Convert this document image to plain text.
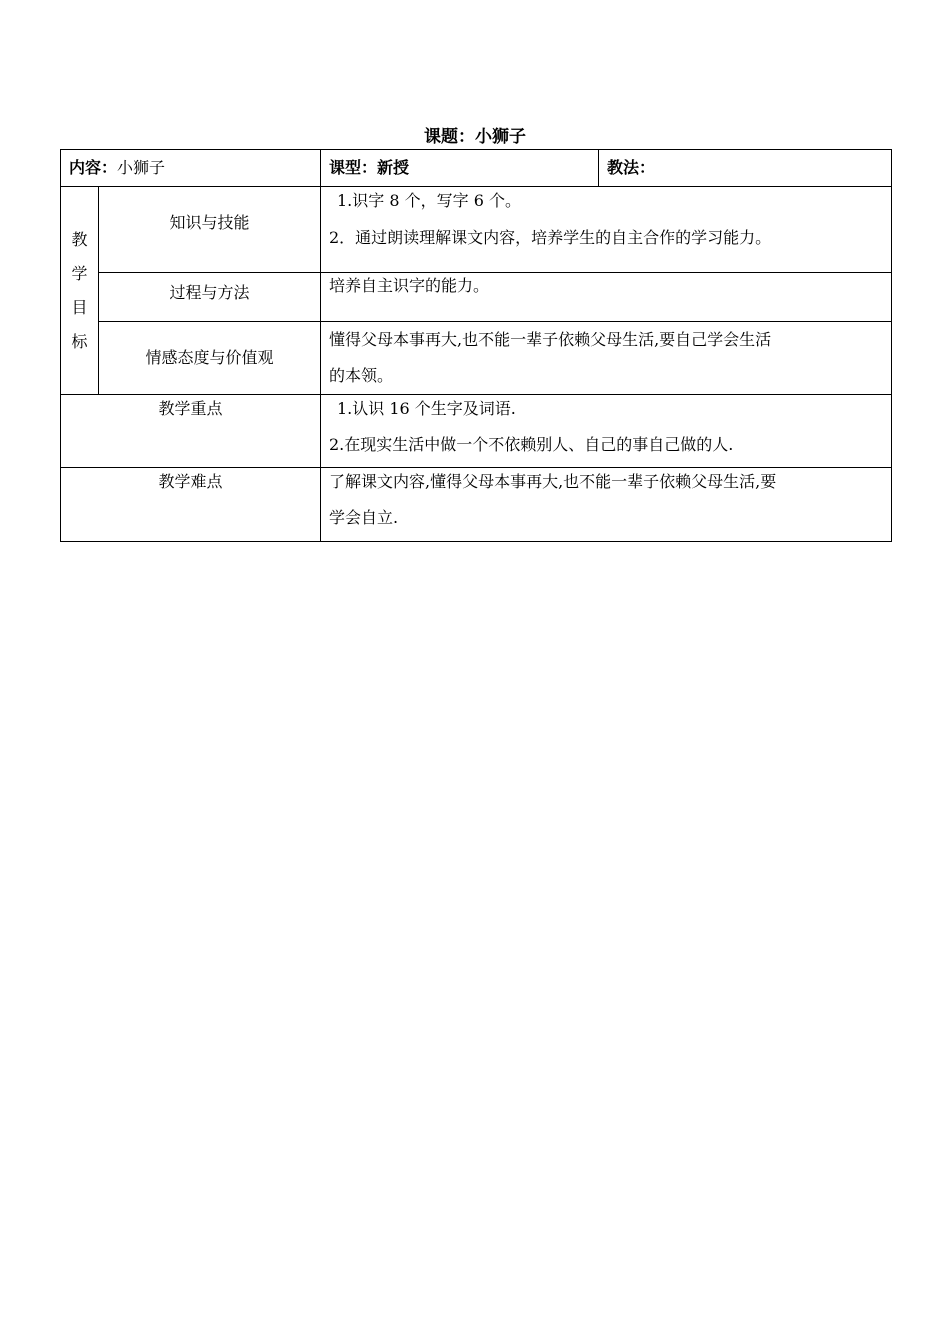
课题：小狮子
内容：小狮子		课型：新授	教法：

教
学
目
标	知识与技能	1.识字 8 个，写字 6 个。
2．通过朗读理解课文内容，培养学生的自主合作的学习能力。	

	过程与方法	培养自主识字的能力。	

	情感态度与价值观	懂得父母本事再大,也不能一辈子依赖父母生活,要自己学会生活
的本领。	

教学重点		1.认识 16 个生字及词语.
2.在现实生活中做一个不依赖别人、自己的事自己做的人.	

教学难点		了解课文内容,懂得父母本事再大,也不能一辈子依赖父母生活,要
学会自立.	
